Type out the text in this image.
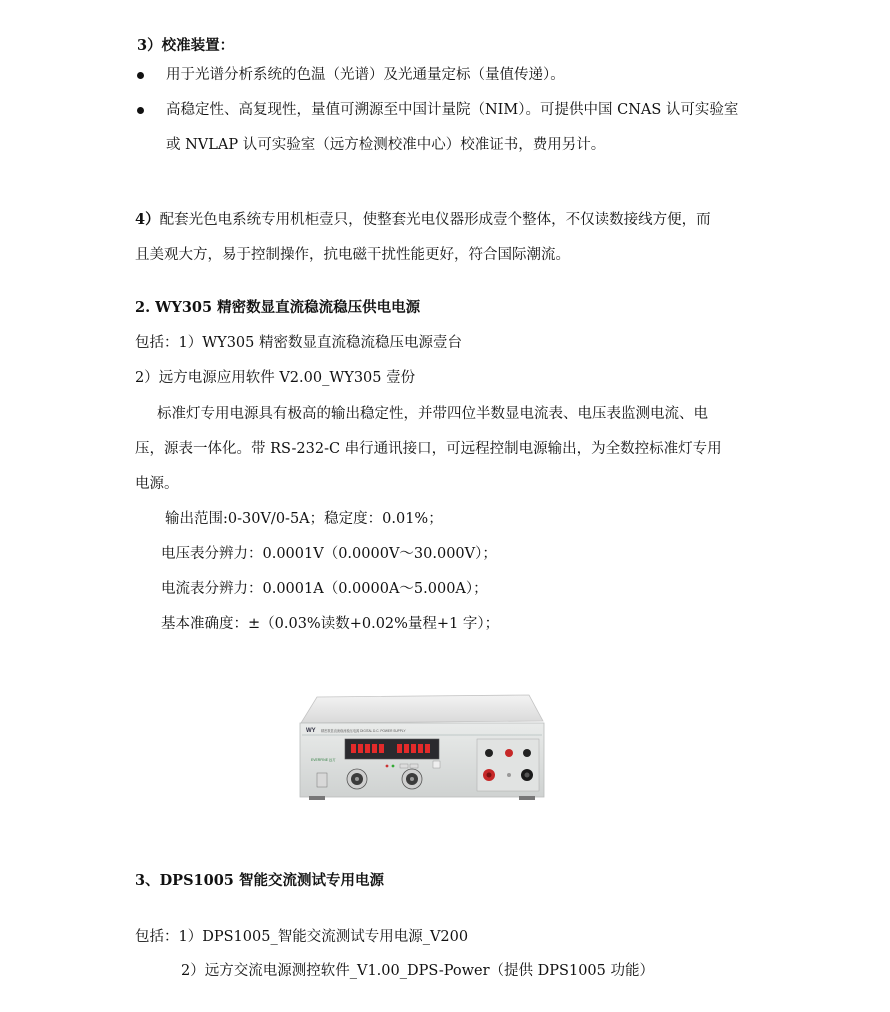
3）校准装置：
用于光谱分析系统的色温（光谱）及光通量定标（量值传递）。
高稳定性、高复现性，量值可溯源至中国计量院（NIM）。可提供中国 CNAS 认可实验室
或 NVLAP 认可实验室（远方检测校准中心）校准证书，费用另计。
4）配套光色电系统专用机柜壹只，使整套光电仪器形成壹个整体，不仅读数接线方便，而
且美观大方，易于控制操作，抗电磁干扰性能更好，符合国际潮流。
2. WY305 精密数显直流稳流稳压供电电源
包括：1）WY305 精密数显直流稳流稳压电源壹台
2）远方电源应用软件 V2.00_WY305 壹份
标准灯专用电源具有极高的输出稳定性，并带四位半数显电流表、电压表监测电流、电
压，源表一体化。带 RS-232-C 串行通讯接口，可远程控制电源输出，为全数控标准灯专用
电源。
输出范围:0-30V/0-5A；稳定度：0.01%；
电压表分辨力：0.0001V（0.0000V～30.000V）；
电流表分辨力：0.0001A（0.0000A～5.000A）；
基本准确度：±（0.03%读数+0.02%量程+1 字）；
WY 精密数显直流稳流稳压电源 DIGITAL D.C. POWER SUPPLY
EVERFINE 远方
3、DPS1005 智能交流测试专用电源
包括：1）DPS1005_智能交流测试专用电源_V200
2）远方交流电源测控软件_V1.00_DPS-Power（提供 DPS1005 功能）
